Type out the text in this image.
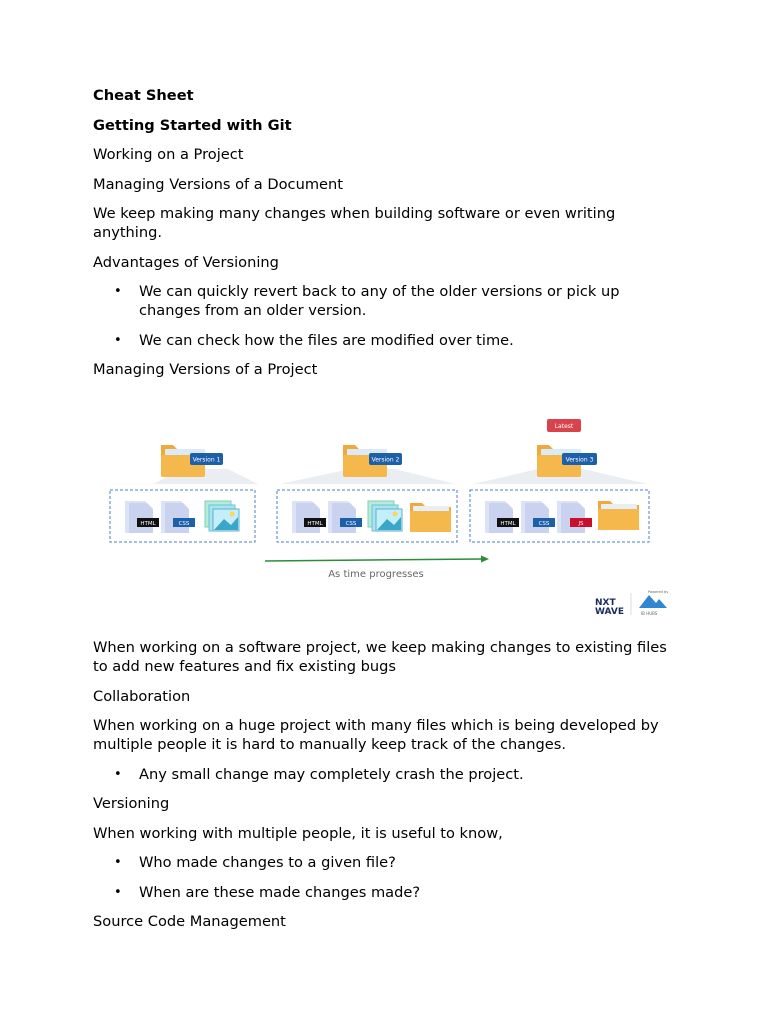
Cheat Sheet

Getting Started with Git

Working on a Project

Managing Versions of a Document

We keep making many changes when building software or even writing anything.

Advantages of Versioning

• We can quickly revert back to any of the older versions or pick up changes from an older version.
• We can check how the files are modified over time.

Managing Versions of a Project

Version 1
HTML	CSS
Version 2
HTML	CSS
Latest
Version 3
HTML	CSS	JS
As time progresses
NXT
WAVE
Powered by
IB HUBS

When working on a software project, we keep making changes to existing files to add new features and fix existing bugs

Collaboration

When working on a huge project with many files which is being developed by multiple people it is hard to manually keep track of the changes.

• Any small change may completely crash the project.

Versioning

When working with multiple people, it is useful to know,

• Who made changes to a given file?
• When are these made changes made?

Source Code Management
